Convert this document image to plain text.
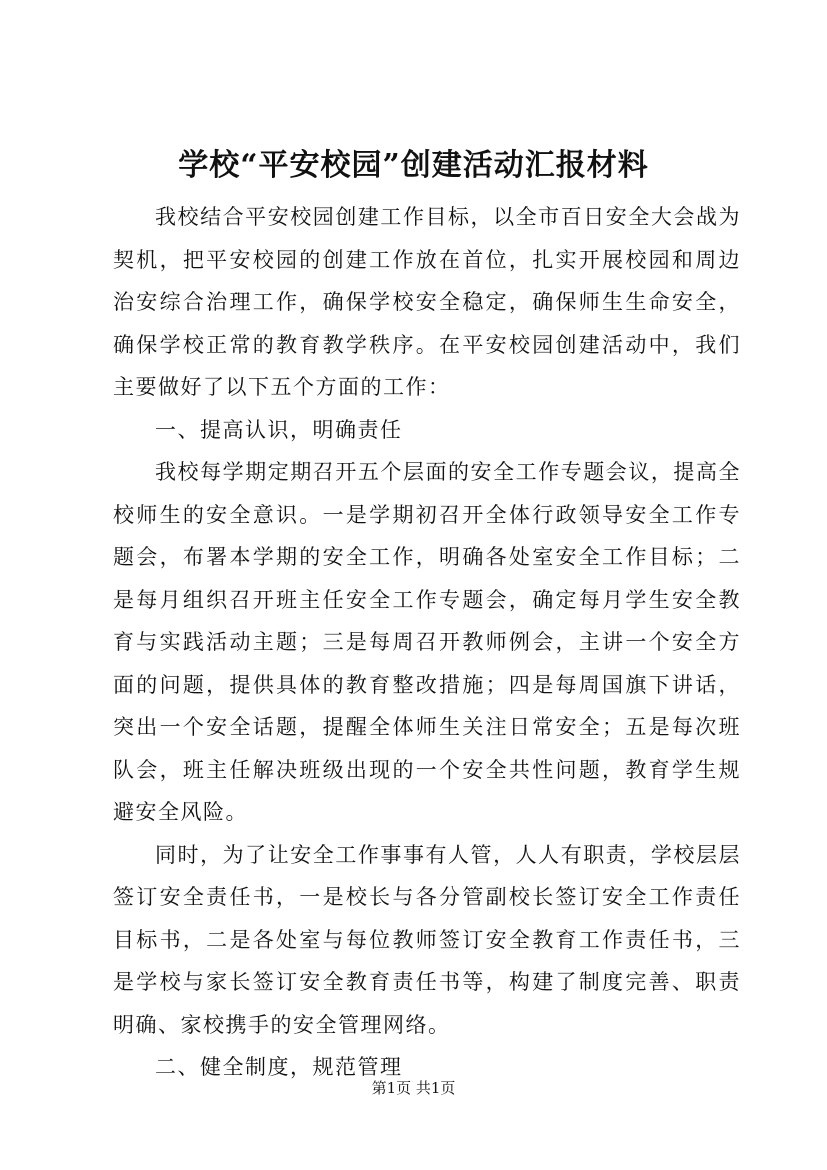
学校“平安校园”创建活动汇报材料

我校结合平安校园创建工作目标，以全市百日安全大会战为契机，把平安校园的创建工作放在首位，扎实开展校园和周边治安综合治理工作，确保学校安全稳定，确保师生生命安全，确保学校正常的教育教学秩序。在平安校园创建活动中，我们主要做好了以下五个方面的工作：

一、提高认识，明确责任

我校每学期定期召开五个层面的安全工作专题会议，提高全校师生的安全意识。一是学期初召开全体行政领导安全工作专题会，布署本学期的安全工作，明确各处室安全工作目标；二是每月组织召开班主任安全工作专题会，确定每月学生安全教育与实践活动主题；三是每周召开教师例会，主讲一个安全方面的问题，提供具体的教育整改措施；四是每周国旗下讲话，突出一个安全话题，提醒全体师生关注日常安全；五是每次班队会，班主任解决班级出现的一个安全共性问题，教育学生规避安全风险。

同时，为了让安全工作事事有人管，人人有职责，学校层层签订安全责任书，一是校长与各分管副校长签订安全工作责任目标书，二是各处室与每位教师签订安全教育工作责任书，三是学校与家长签订安全教育责任书等，构建了制度完善、职责明确、家校携手的安全管理网络。

二、健全制度，规范管理

第1页 共1页
